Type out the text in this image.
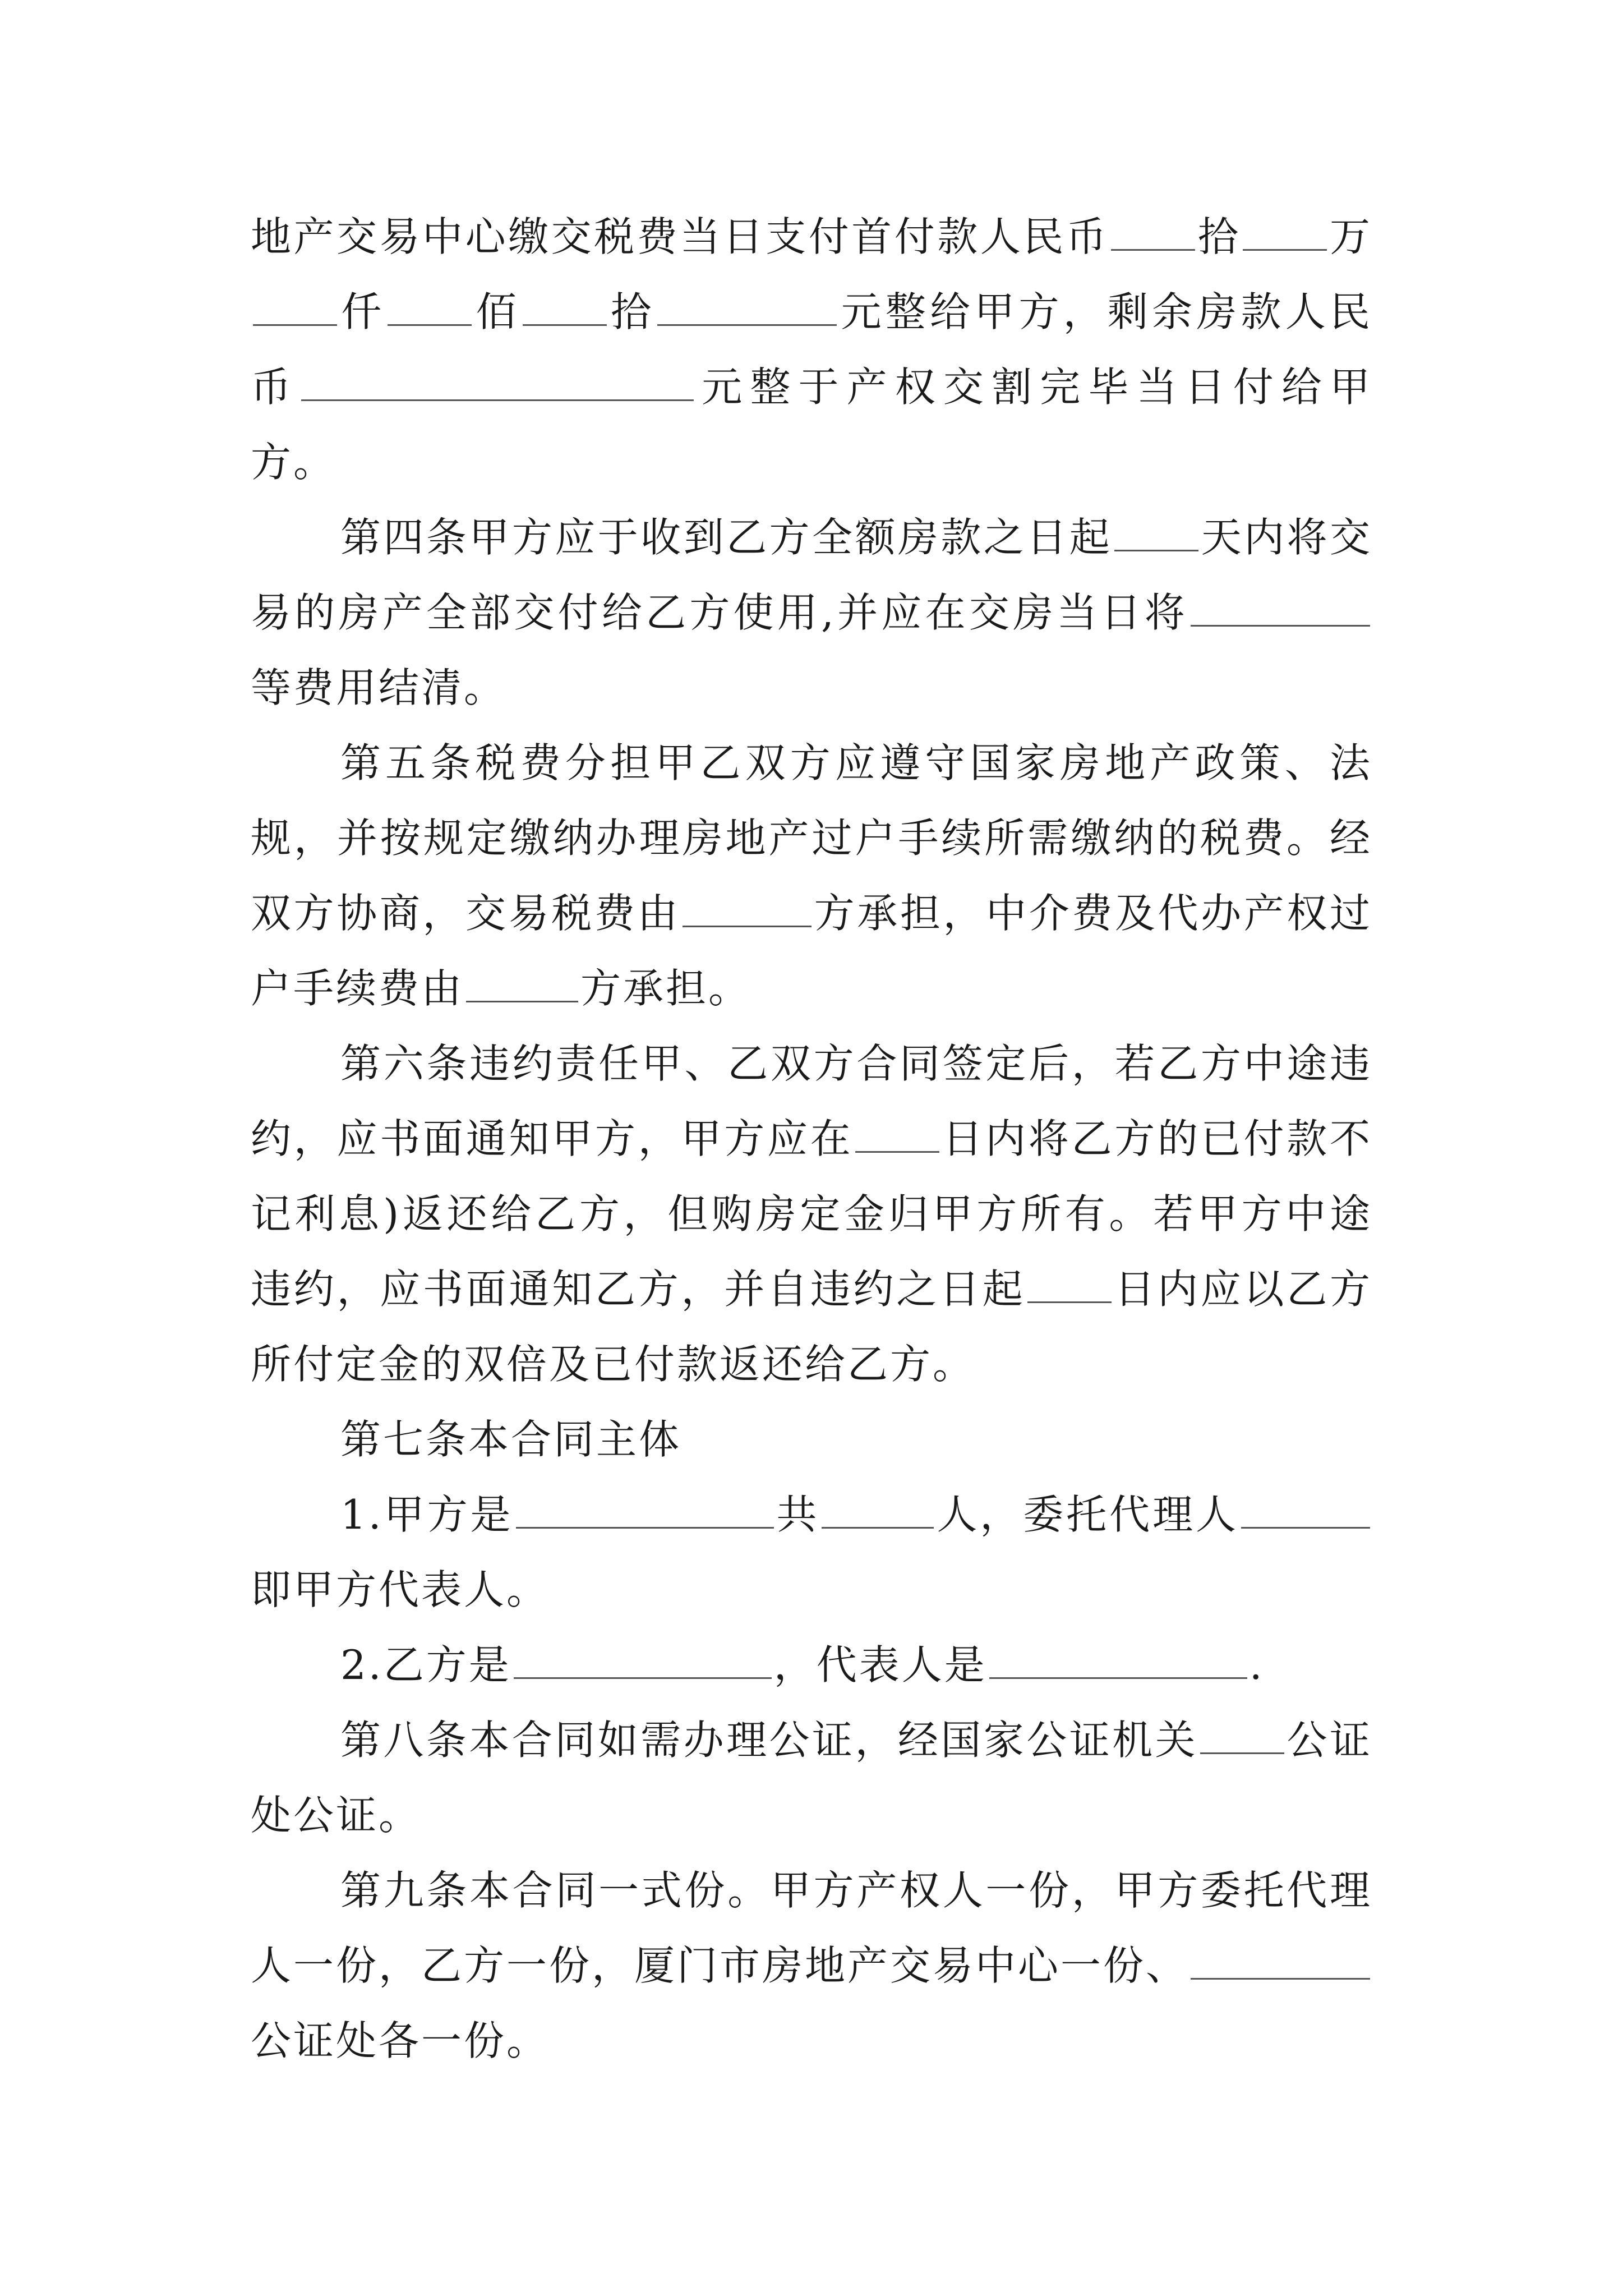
地产交易中心缴交税费当日支付首付款人民币 拾 万仟 佰 拾	元整给甲方，剩余房款人民币	元整于产权交割完毕当日付给甲方。

第四条甲方应于收到乙方全额房款之日起 天内将交易的房产全部交付给乙方使用,并应在交房当日将等费用结清。

第五条税费分担甲乙双方应遵守国家房地产政策、法规，并按规定缴纳办理房地产过户手续所需缴纳的税费。经双方协商，交易税费由	方承担，中介费及代办产权过户手续费由	方承担。

第六条违约责任甲、乙双方合同签定后，若乙方中途违约，应书面通知甲方，甲方应在 日内将乙方的已付款不记利息)返还给乙方，但购房定金归甲方所有。若甲方中途违约，应书面通知乙方，并自违约之日起 日内应以乙方所付定金的双倍及已付款返还给乙方。

第七条本合同主体

1.甲方是	共	人，委托代理人即甲方代表人。

2.乙方是	，代表人是	.

第八条本合同如需办理公证，经国家公证机关 公证处公证。

第九条本合同一式份。甲方产权人一份，甲方委托代理人一份，乙方一份，厦门市房地产交易中心一份、公证处各一份。
